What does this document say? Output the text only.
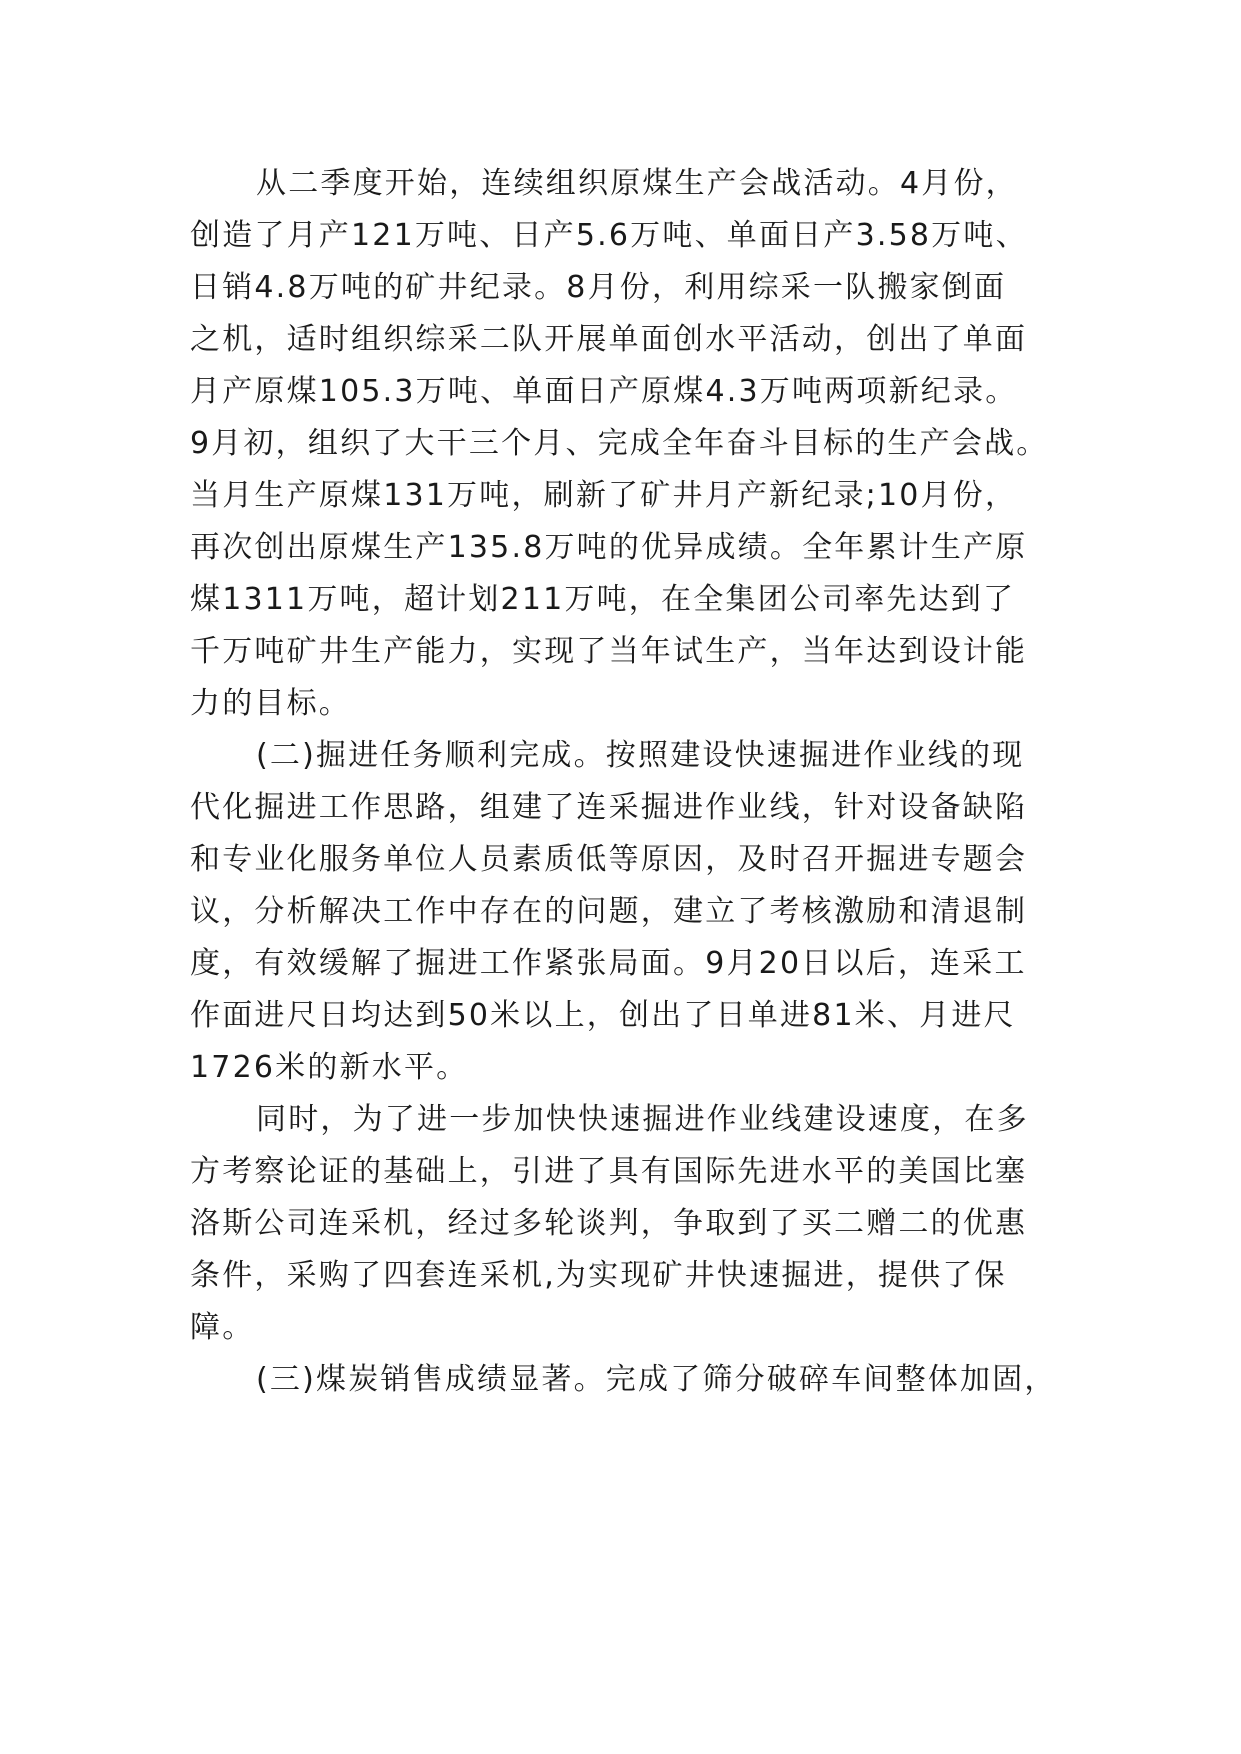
从二季度开始，连续组织原煤生产会战活动。4月份，
创造了月产121万吨、日产5.6万吨、单面日产3.58万吨、
日销4.8万吨的矿井纪录。8月份，利用综采一队搬家倒面
之机，适时组织综采二队开展单面创水平活动，创出了单面
月产原煤105.3万吨、单面日产原煤4.3万吨两项新纪录。
9月初，组织了大干三个月、完成全年奋斗目标的生产会战。
当月生产原煤131万吨，刷新了矿井月产新纪录;10月份，
再次创出原煤生产135.8万吨的优异成绩。全年累计生产原
煤1311万吨，超计划211万吨，在全集团公司率先达到了
千万吨矿井生产能力，实现了当年试生产，当年达到设计能
力的目标。

(二)掘进任务顺利完成。按照建设快速掘进作业线的现
代化掘进工作思路，组建了连采掘进作业线，针对设备缺陷
和专业化服务单位人员素质低等原因，及时召开掘进专题会
议，分析解决工作中存在的问题，建立了考核激励和清退制
度，有效缓解了掘进工作紧张局面。9月20日以后，连采工
作面进尺日均达到50米以上，创出了日单进81米、月进尺
1726米的新水平。

同时，为了进一步加快快速掘进作业线建设速度，在多
方考察论证的基础上，引进了具有国际先进水平的美国比塞
洛斯公司连采机，经过多轮谈判，争取到了买二赠二的优惠
条件，采购了四套连采机,为实现矿井快速掘进，提供了保
障。

(三)煤炭销售成绩显著。完成了筛分破碎车间整体加固，
